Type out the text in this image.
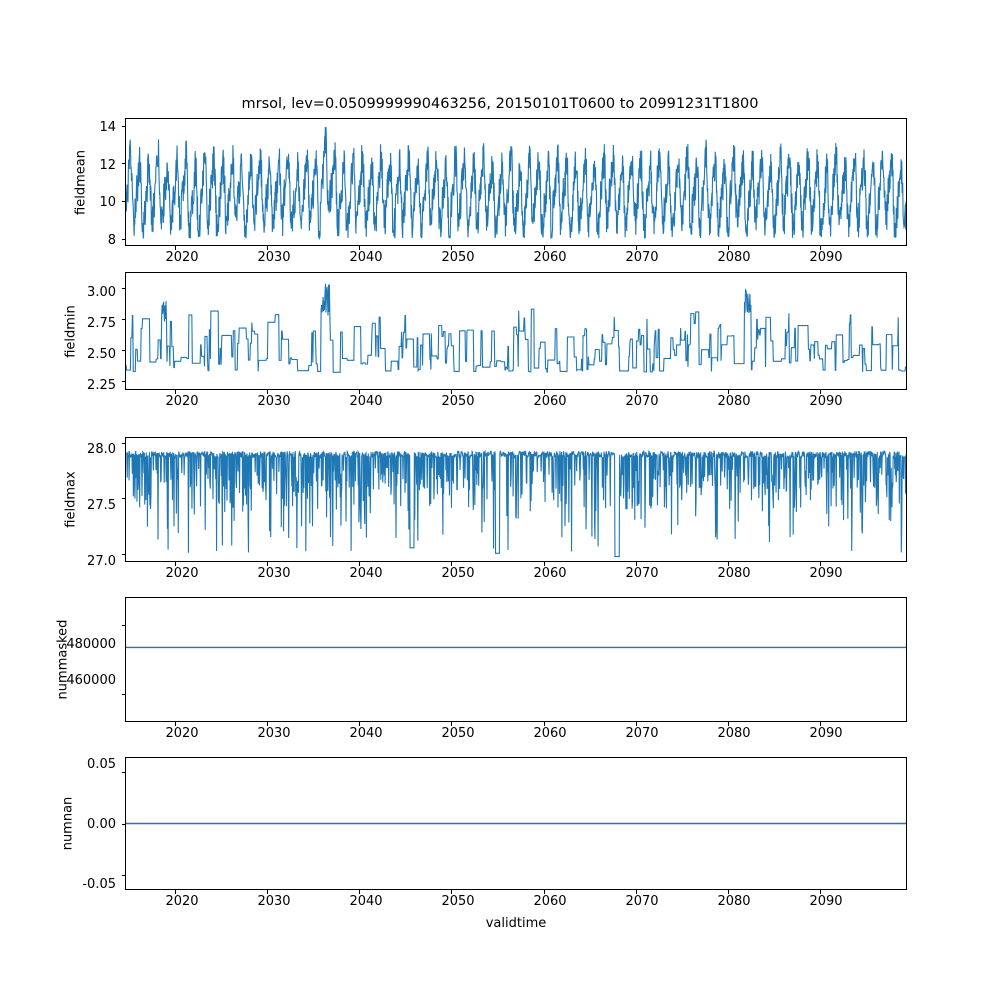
mrsol, lev=0.0509999990463256, 20150101T0600 to 20991231T1800
fieldmean
8
10
12
14
2020	2030	2040	2050	2060	2070	2080	2090
fieldmin
2.25
2.50
2.75
3.00
2020	2030	2040	2050	2060	2070	2080	2090
fieldmax
27.0
27.5
28.0
2020	2030	2040	2050	2060	2070	2080	2090
nummasked
460000
480000
2020	2030	2040	2050	2060	2070	2080	2090
numnan
-0.05
0.00
0.05
2020	2030	2040	2050	2060	2070	2080	2090
validtime
